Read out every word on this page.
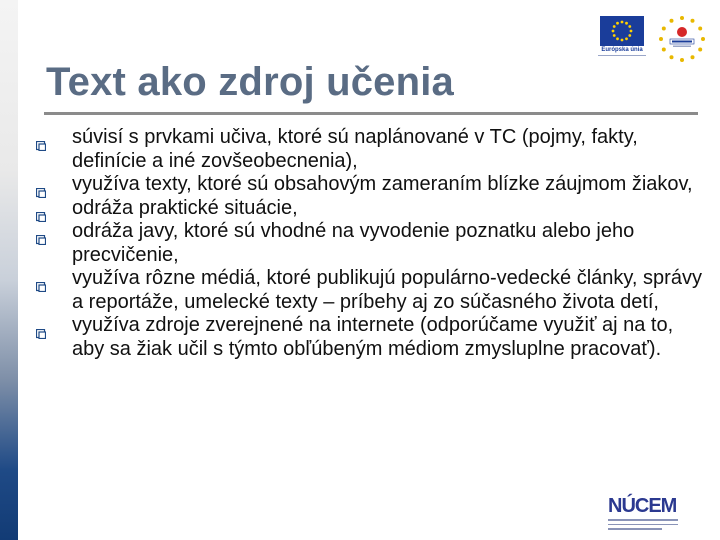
Európska únia
Text ako zdroj učenia
súvisí s prvkami učiva, ktoré sú naplánované v TC (pojmy, fakty, definície a iné zovšeobecnenia),
využíva texty, ktoré sú obsahovým zameraním blízke záujmom žiakov,
odráža praktické situácie,
odráža javy, ktoré sú vhodné na vyvodenie poznatku alebo jeho precvičenie,
využíva rôzne médiá, ktoré publikujú populárno-vedecké články, správy a reportáže, umelecké texty – príbehy aj zo súčasného života detí,
využíva zdroje zverejnené na internete (odporúčame využiť aj na to, aby sa žiak učil s týmto obľúbeným médiom zmysluplne pracovať).
NÚCEM
